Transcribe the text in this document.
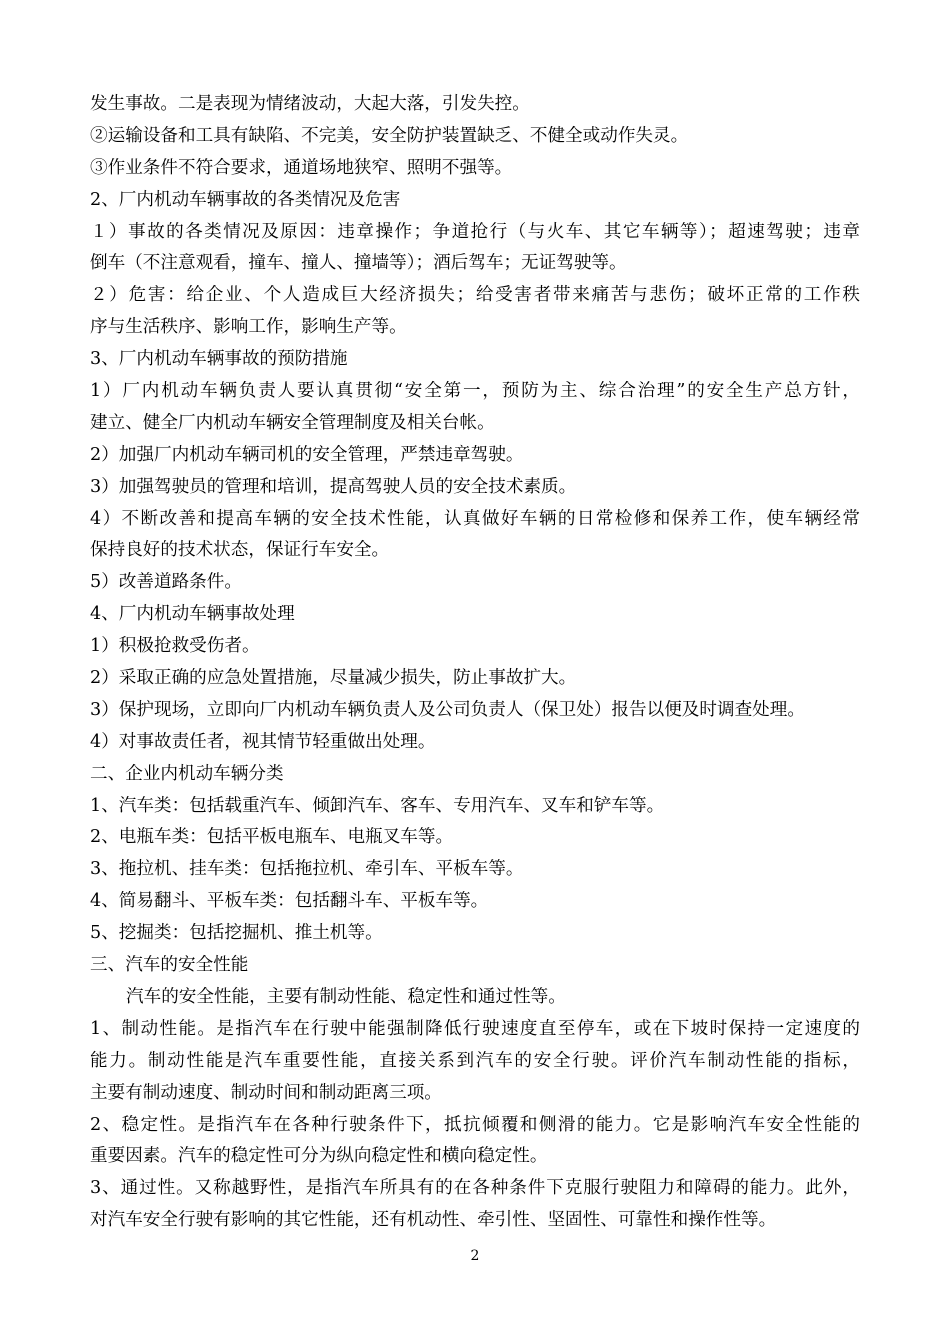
发生事故。二是表现为情绪波动，大起大落，引发失控。
②运输设备和工具有缺陷、不完美，安全防护装置缺乏、不健全或动作失灵。
③作业条件不符合要求，通道场地狭窄、照明不强等。
2、厂内机动车辆事故的各类情况及危害
１）事故的各类情况及原因：违章操作；争道抢行（与火车、其它车辆等）；超速驾驶；违章
倒车（不注意观看，撞车、撞人、撞墙等）；酒后驾车；无证驾驶等。
２）危害：给企业、个人造成巨大经济损失；给受害者带来痛苦与悲伤；破坏正常的工作秩
序与生活秩序、影响工作，影响生产等。
3、厂内机动车辆事故的预防措施
1）厂内机动车辆负责人要认真贯彻“安全第一，预防为主、综合治理”的安全生产总方针，
建立、健全厂内机动车辆安全管理制度及相关台帐。
2）加强厂内机动车辆司机的安全管理，严禁违章驾驶。
3）加强驾驶员的管理和培训，提高驾驶人员的安全技术素质。
4）不断改善和提高车辆的安全技术性能，认真做好车辆的日常检修和保养工作，使车辆经常
保持良好的技术状态，保证行车安全。
5）改善道路条件。
4、厂内机动车辆事故处理
1）积极抢救受伤者。
2）采取正确的应急处置措施，尽量减少损失，防止事故扩大。
3）保护现场，立即向厂内机动车辆负责人及公司负责人（保卫处）报告以便及时调查处理。
4）对事故责任者，视其情节轻重做出处理。
二、企业内机动车辆分类
1、汽车类：包括载重汽车、倾卸汽车、客车、专用汽车、叉车和铲车等。
2、电瓶车类：包括平板电瓶车、电瓶叉车等。
3、拖拉机、挂车类：包括拖拉机、牵引车、平板车等。
4、简易翻斗、平板车类：包括翻斗车、平板车等。
5、挖掘类：包括挖掘机、推土机等。
三、汽车的安全性能
汽车的安全性能，主要有制动性能、稳定性和通过性等。
1、制动性能。是指汽车在行驶中能强制降低行驶速度直至停车，或在下坡时保持一定速度的
能力。制动性能是汽车重要性能，直接关系到汽车的安全行驶。评价汽车制动性能的指标，
主要有制动速度、制动时间和制动距离三项。
2、稳定性。是指汽车在各种行驶条件下，抵抗倾覆和侧滑的能力。它是影响汽车安全性能的
重要因素。汽车的稳定性可分为纵向稳定性和横向稳定性。
3、通过性。又称越野性，是指汽车所具有的在各种条件下克服行驶阻力和障碍的能力。此外，
对汽车安全行驶有影响的其它性能，还有机动性、牵引性、坚固性、可靠性和操作性等。
2
